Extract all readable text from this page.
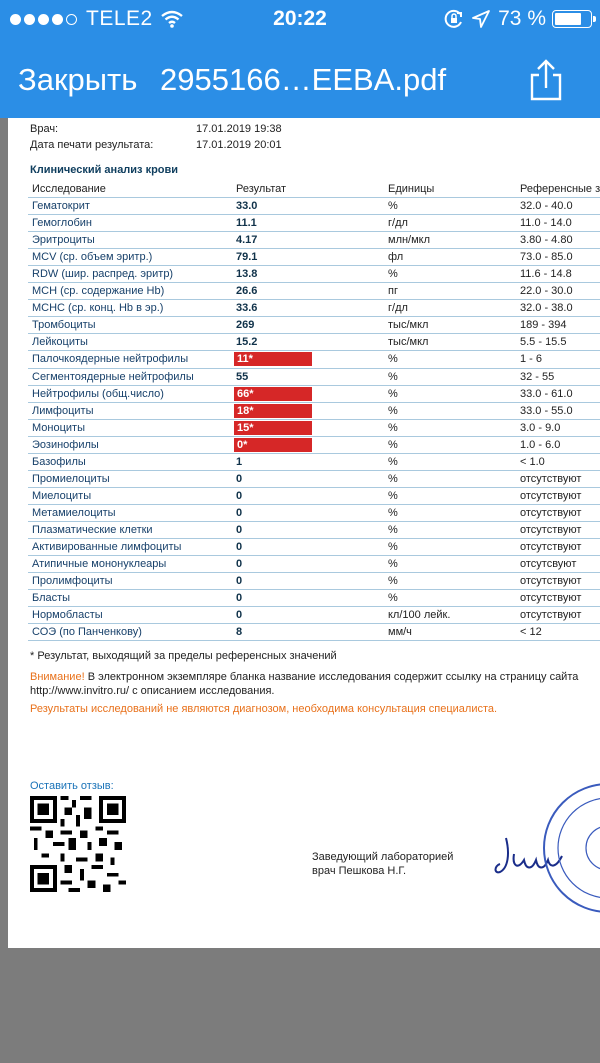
TELE2	20:22	73 %
Закрыть 2955166…EEBA.pdf
Врач:	17.01.2019 19:38
Дата печати результата:	17.01.2019 20:01
Клинический анализ крови
Исследование	Результат	Единицы	Референсные з
Гематокрит	33.0	%	32.0 - 40.0
Гемоглобин	11.1	г/дл	11.0 - 14.0
Эритроциты	4.17	млн/мкл	3.80 - 4.80
MCV (ср. объем эритр.)	79.1	фл	73.0 - 85.0
RDW (шир. распред. эритр)	13.8	%	11.6 - 14.8
MCH (ср. содержание Hb)	26.6	пг	22.0 - 30.0
MCHC (ср. конц. Hb в эр.)	33.6	г/дл	32.0 - 38.0
Тромбоциты	269	тыс/мкл	189 - 394
Лейкоциты	15.2	тыс/мкл	5.5 - 15.5
Палочкоядерные нейтрофилы	11*	%	1 - 6
Сегментоядерные нейтрофилы	55	%	32 - 55
Нейтрофилы (общ.число)	66*	%	33.0 - 61.0
Лимфоциты	18*	%	33.0 - 55.0
Моноциты	15*	%	3.0 - 9.0
Эозинофилы	0*	%	1.0 - 6.0
Базофилы	1	%	< 1.0
Промиелоциты	0	%	отсутствуют
Миелоциты	0	%	отсутствуют
Метамиелоциты	0	%	отсутствуют
Плазматические клетки	0	%	отсутствуют
Активированные лимфоциты	0	%	отсутствуют
Атипичные мононуклеары	0	%	отсутсвуют
Пролимфоциты	0	%	отсутствуют
Бласты	0	%	отсутствуют
Нормобласты	0	кл/100 лейк.	отсутствуют
СОЭ (по Панченкову)	8	мм/ч	< 12
* Результат, выходящий за пределы референсных значений
Внимание! В электронном экземпляре бланка название исследования содержит ссылку на страницу сайта
http://www.invitro.ru/ с описанием исследования.
Результаты исследований не являются диагнозом, необходима консультация специалиста.
Оставить отзыв:
Заведующий лабораторией
врач Пешкова Н.Г.
